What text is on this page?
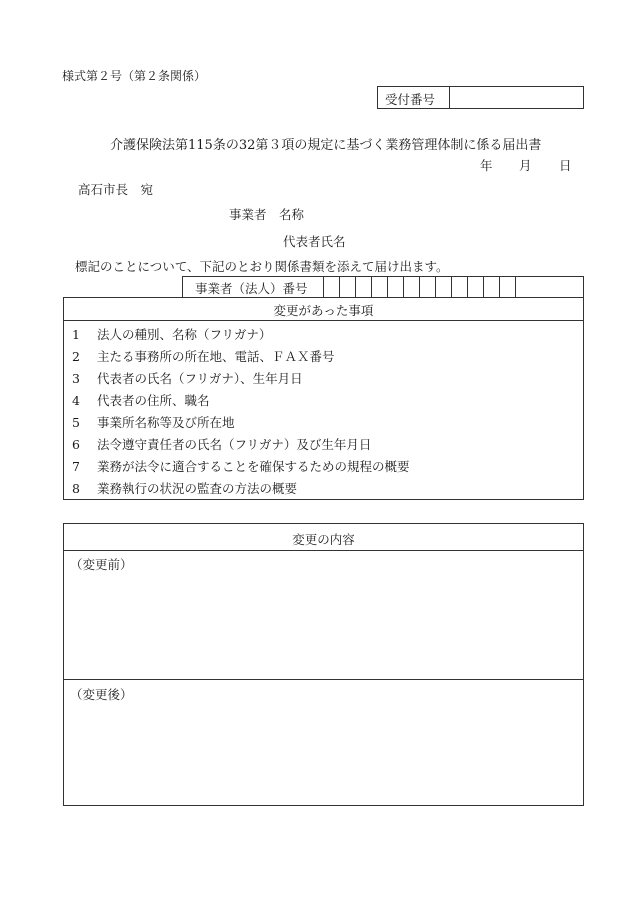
様式第２号（第２条関係）
受付番号
介護保険法第115条の32第３項の規定に基づく業務管理体制に係る届出書
年 月 日
高石市長　宛
事業者　名称
代表者氏名
標記のことについて、下記のとおり関係書類を添えて届け出ます。
事業者（法人）番号
変更があった事項
1 法人の種別、名称（フリガナ）
2 主たる事務所の所在地、電話、ＦＡＸ番号
3 代表者の氏名（フリガナ）、生年月日
4 代表者の住所、職名
5 事業所名称等及び所在地
6 法令遵守責任者の氏名（フリガナ）及び生年月日
7 業務が法令に適合することを確保するための規程の概要
8 業務執行の状況の監査の方法の概要
変更の内容
（変更前）
（変更後）
